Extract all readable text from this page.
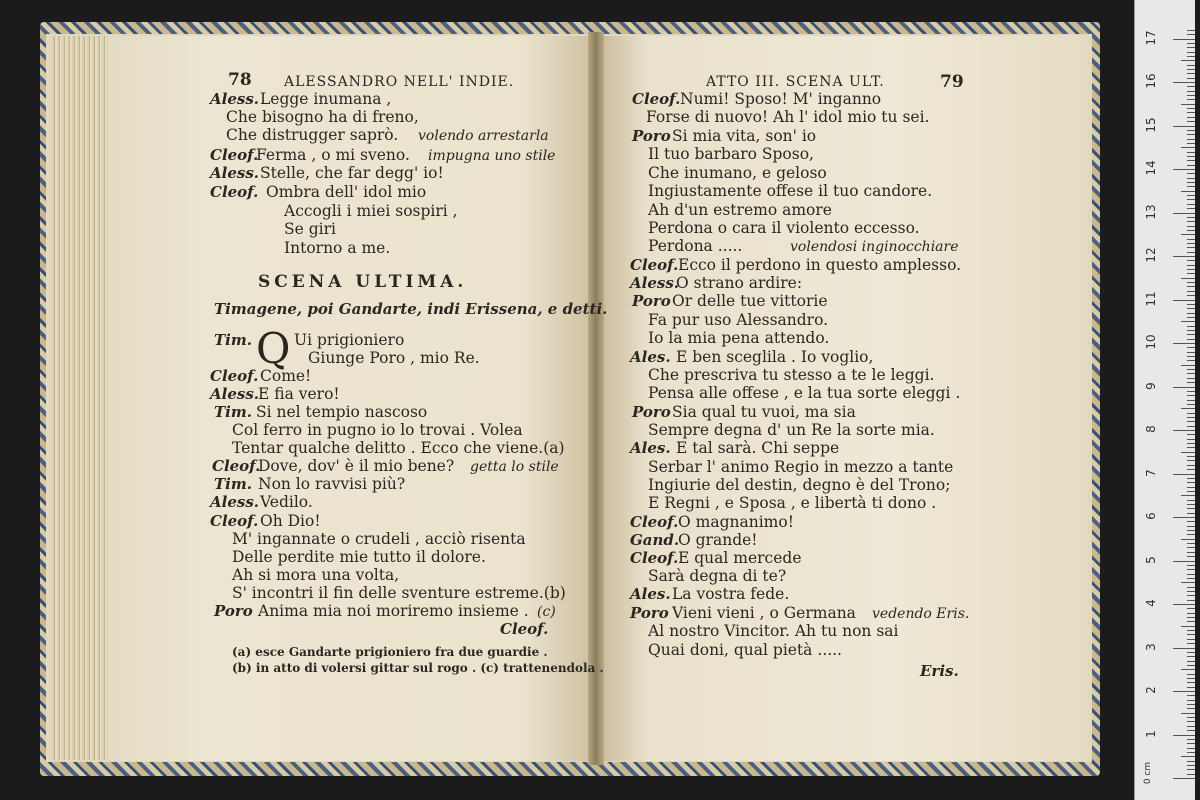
78 ALESSANDRO NELL' INDIE.
Aless. Legge inumana ,
Che bisogno ha di freno,
Che distrugger saprò. volendo arrestarla
Cleof.
Ferma , o mi sveno. impugna uno stile
Aless. Stelle, che far degg' io!
Cleof. Ombra dell' idol mio
Accogli i miei sospiri ,
Se giri
Intorno a me.
SCENA ULTIMA.
Timagene, poi Gandarte, indi Erissena, e detti.
Q
Tim.	Ui prigioniero
Giunge Poro , mio Re.
Cleof. Come!
Aless. E fia vero!
Tim. Si nel tempio nascoso
Col ferro in pugno io lo trovai . Volea
Tentar qualche delitto . Ecco che viene.(a)
Cleof.
Dove, dov' è il mio bene? getta lo stile
Tim. Non lo ravvisi più?
Aless. Vedilo.
Cleof. Oh Dio!
M' ingannate o crudeli , acciò risenta
Delle perdite mie tutto il dolore.
Ah si mora una volta,
S' incontri il fin delle sventure estreme.(b)
Poro Anima mia noi moriremo insieme . (c)
Cleof.
(a) esce Gandarte prigioniero fra due guardie .
(b) in atto di volersi gittar sul rogo . (c) trattenendola .
ATTO III. SCENA ULT.	79
Cleof. Numi! Sposo! M' inganno
Forse di nuovo! Ah l' idol mio tu sei.
Poro Si mia vita, son' io
Il tuo barbaro Sposo,
Che inumano, e geloso
Ingiustamente offese il tuo candore.
Ah d'un estremo amore
Perdona o cara il violento eccesso.
Perdona .....	volendosi inginocchiare
Cleof. Ecco il perdono in questo amplesso.
Aless.
O strano ardire:
Poro Or delle tue vittorie
Fa pur uso Alessandro.
Io la mia pena attendo.
Ales. E ben sceglila . Io voglio,
Che prescriva tu stesso a te le leggi.
Pensa alle offese , e la tua sorte eleggi .
Poro Sia qual tu vuoi, ma sia
Sempre degna d' un Re la sorte mia.
Ales. E tal sarà. Chi seppe
Serbar l' animo Regio in mezzo a tante
Ingiurie del destin, degno è del Trono;
E Regni , e Sposa , e libertà ti dono .
Cleof. O magnanimo!
Gand.
O grande!
Cleof. E qual mercede
Sarà degna di te?
Ales. La vostra fede.
Poro Vieni vieni , o Germana vedendo Eris.
Al nostro Vincitor. Ah tu non sai
Quai doni, qual pietà .....
Eris.
0 cm
1
2
3
4
5
6
7
8
9
10
11
12
13
14
15
16
17
